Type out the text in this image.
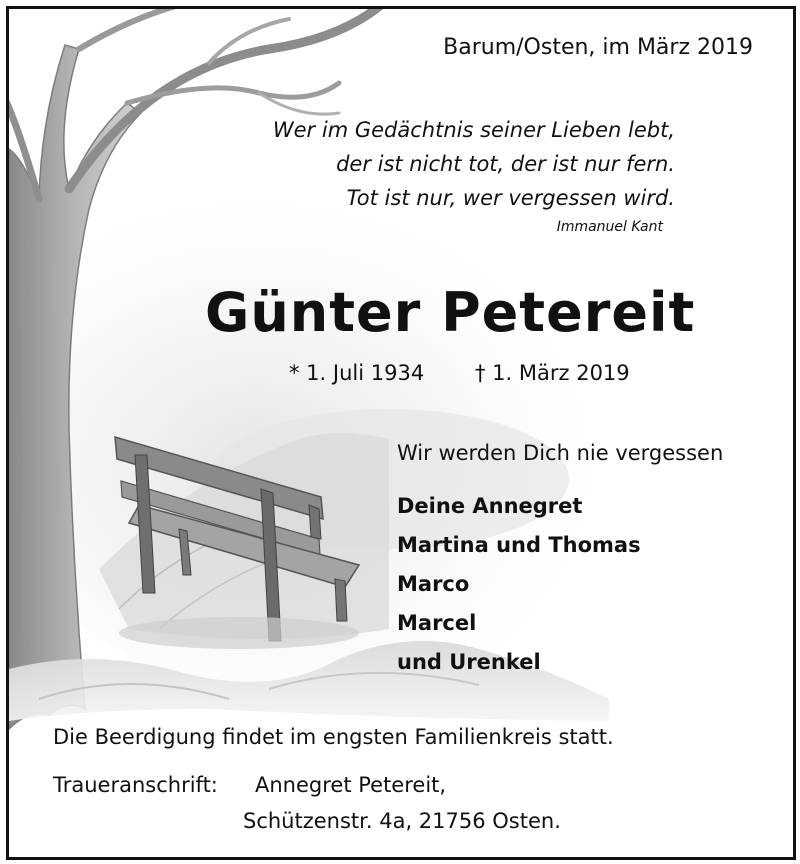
Barum/Osten, im März 2019
Wer im Gedächtnis seiner Lieben lebt,
der ist nicht tot, der ist nur fern.
Tot ist nur, wer vergessen wird.
Immanuel Kant
Günter Petereit
* 1. Juli 1934 † 1. März 2019
Wir werden Dich nie vergessen
Deine Annegret
Martina und Thomas
Marco
Marcel
und Urenkel
Die Beerdigung findet im engsten Familienkreis statt.
Traueranschrift: Annegret Petereit,
Schützenstr. 4a, 21756 Osten.
